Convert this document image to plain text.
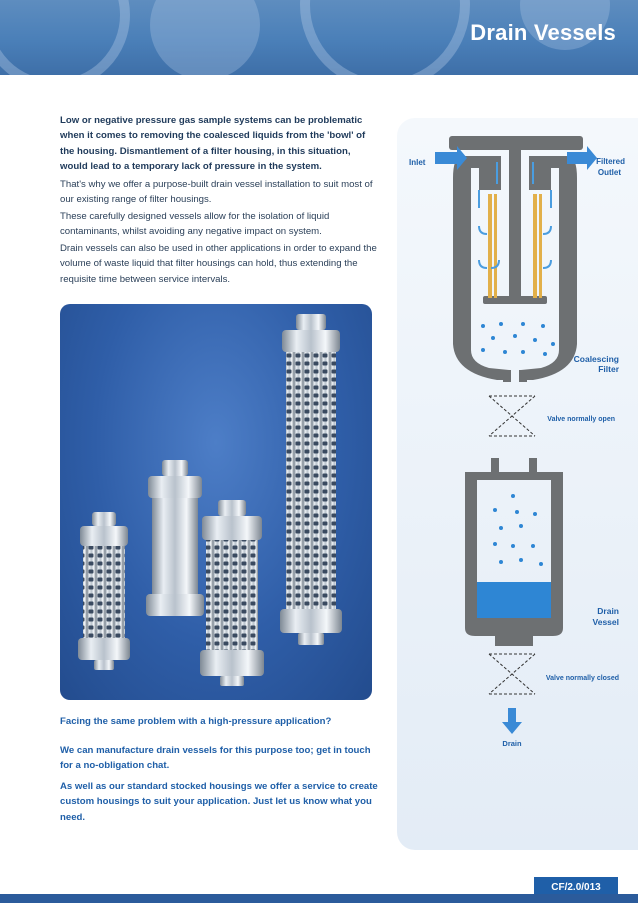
Drain Vessels
Low or negative pressure gas sample systems can be problematic when it comes to removing the coalesced liquids from the 'bowl' of the housing. Dismantlement of a filter housing, in this situation, would lead to a temporary lack of pressure in the system.
That's why we offer a purpose-built drain vessel installation to suit most of our existing range of filter housings.
These carefully designed vessels allow for the isolation of liquid contaminants, whilst avoiding any negative impact on system.
Drain vessels can also be used in other applications in order to expand the volume of waste liquid that filter housings can hold, thus extending the requisite time between service intervals.
Facing the same problem with a high-pressure application?
We can manufacture drain vessels for this purpose too; get in touch for a no-obligation chat.
As well as our standard stocked housings we offer a service to create custom housings to suit your application. Just let us know what you need.
Inlet	Filtered
Outlet
Coalescing
Filter
Valve normally open
Drain
Vessel
Valve normally closed
Drain
CF/2.0/013
